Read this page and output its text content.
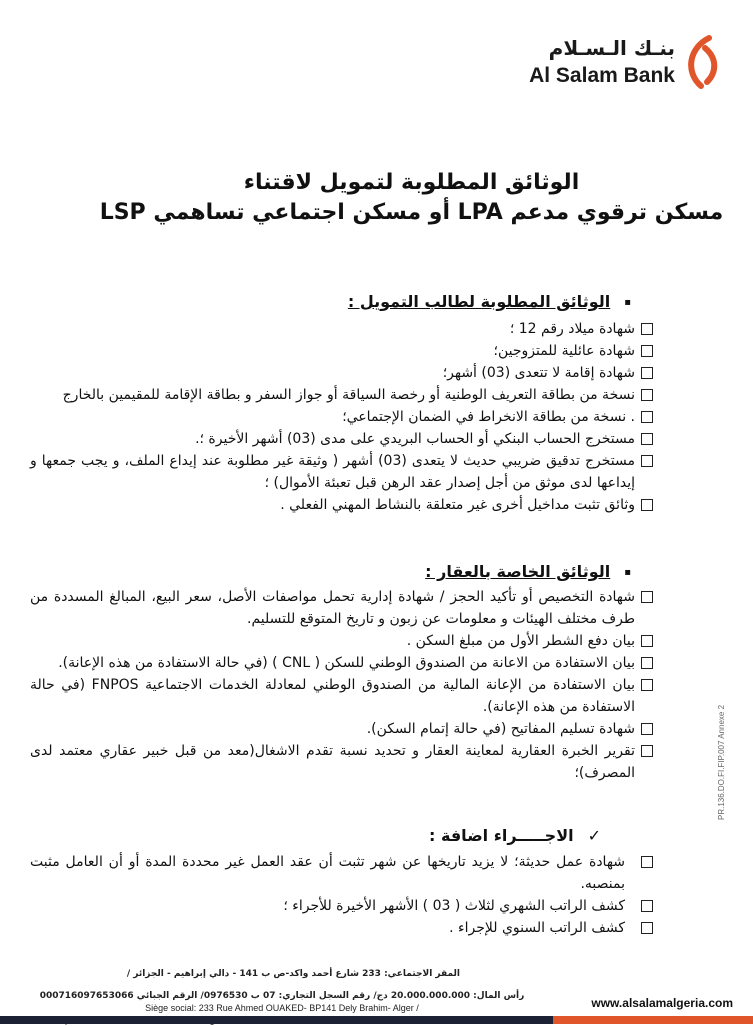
بنـك الـسـلام
Al Salam Bank
الوثائق المطلوبة لتمويل لاقتناء
مسكن ترقوي مدعم LPA أو مسكن اجتماعي تساهمي LSP
▪الوثائق المطلوبة لطالب التمويل :
شهادة ميلاد رقم 12 ؛
شهادة عائلية للمتزوجين؛
شهادة إقامة لا تتعدى (03) أشهر؛
نسخة من بطاقة التعريف الوطنية أو رخصة السياقة أو جواز السفر و بطاقة الإقامة للمقيمين بالخارج
. نسخة من بطاقة الانخراط في الضمان الإجتماعي؛
مستخرج الحساب البنكي أو الحساب البريدي على مدى (03) أشهر الأخيرة ؛.
مستخرج تدقيق ضريبي حديث لا يتعدى (03) أشهر ( وثيقة غير مطلوبة عند إيداع الملف، و يجب جمعها و إيداعها لدى موثق من أجل إصدار عقد الرهن قبل تعبئة الأموال) ؛
وثائق تثبت مداخيل أخرى غير متعلقة بالنشاط المهني الفعلي .
▪الوثائق الخاصة بالعقار :
شهادة التخصيص أو تأكيد الحجز / شهادة إدارية تحمل مواصفات الأصل، سعر البيع، المبالغ المسددة من طرف مختلف الهيئات و معلومات عن زبون و تاريخ المتوقع للتسليم.
بيان دفع الشطر الأول من مبلغ السكن .
بيان الاستفادة من الاعانة من الصندوق الوطني للسكن ( CNL ) (في حالة الاستفادة من هذه الإعانة).
بيان الاستفادة من الإعانة المالية من الصندوق الوطني لمعادلة الخدمات الاجتماعية FNPOS (في حالة الاستفادة من هذه الإعانة).
شهادة تسليم المفاتيح (في حالة إتمام السكن).
تقرير الخبرة العقارية لمعاينة العقار و تحديد نسبة تقدم الاشغال(معد من قبل خبير عقاري معتمد لدى المصرف)؛
✓الاجـــــراء اضافة :
شهادة عمل حديثة؛ لا يزيد تاريخها عن شهر تثبت أن عقد العمل غير محددة المدة أو أن العامل مثبت بمنصبه.
كشف الراتب الشهري لثلاث ( 03 ) الأشهر الأخيرة للأجراء ؛
كشف الراتب السنوي للإجراء .
PR.136.DO.FI.FIP.007 Annexe 2
المقر الاجتماعي: 233 شارع أحمد واكد-ص ب 141 - دالي إبراهيم - الجزائر /
رأس المال: 20.000.000.000 دج/ رقم السجل التجاري: 07 ب 0976530/ الرقم الجبائي 000716097653066
Siège social: 233 Rue Ahmed OUAKED- BP141 Dely Brahim- Alger /	www.alsalamalgeria.com
